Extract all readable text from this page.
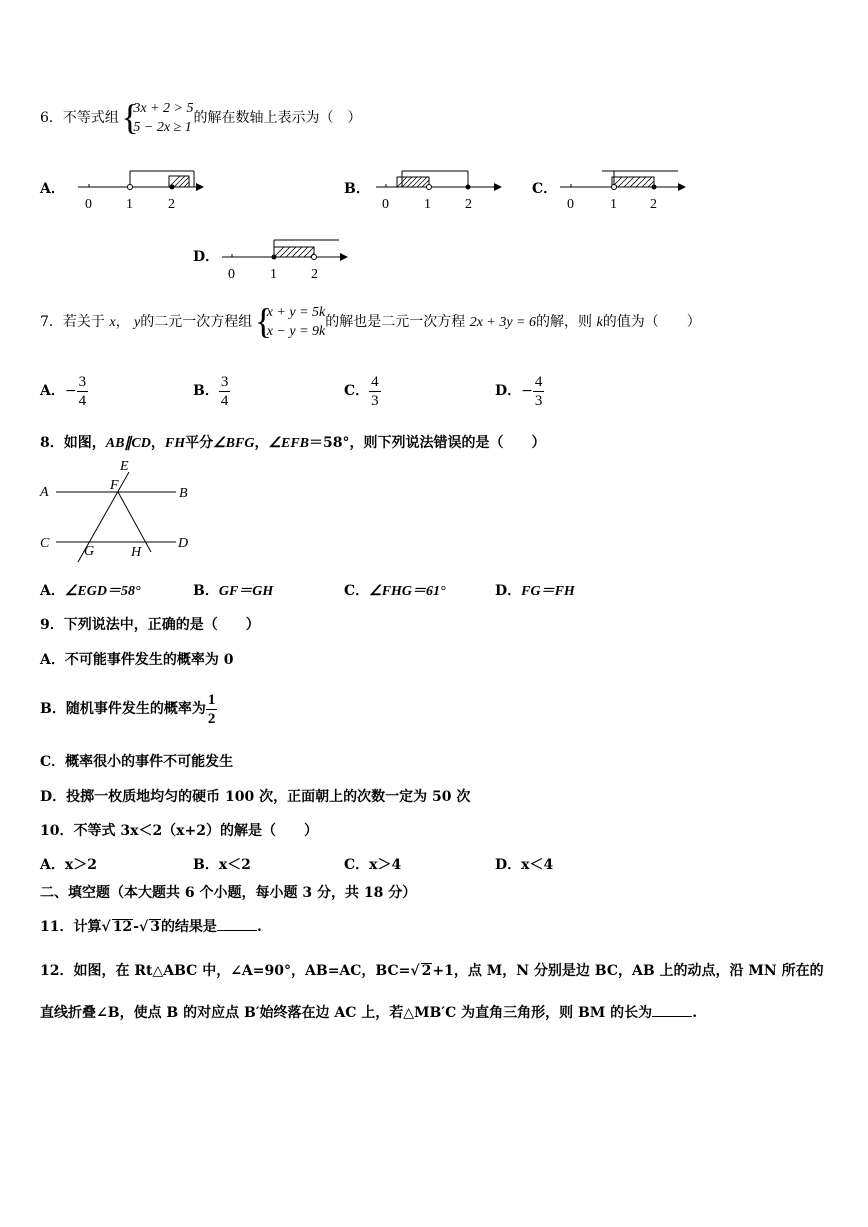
6．不等式组 {
3x + 2 > 5
5 − 2x ≥ 1
的解在数轴上表示为（　）
A．
0 1	2
B．
0	1 2
C．
0	1 2
D．
0	1 2
7．若关于 x， y的二元一次方程组 {
x + y = 5k
x − y = 9k
的解也是二元一次方程 2x + 3y = 6的解，则 k的值为（　　）
A．− $\frac{3}{4}$	B． $\frac{3}{4}$	C． $\frac{4}{3}$	D．− $\frac{4}{3}$
8．如图，AB∥CD，FH平分∠BFG，∠EFB＝58°，则下列说法错误的是（　　）
A	B
C	D
E
F
G	H
A．∠EGD＝58°	B．GF＝GH	C．∠FHG＝61°	D．FG＝FH
9．下列说法中，正确的是（　　）
A．不可能事件发生的概率为 0
B．随机事件发生的概率为 $\frac{1}{2}$
C．概率很小的事件不可能发生
D．投掷一枚质地均匀的硬币 100 次，正面朝上的次数一定为 50 次
10．不等式 3x＜2（x+2）的解是（　　）
A．x＞2	B．x＜2	C．x＞4	D．x＜4
二、填空题（本大题共 6 个小题，每小题 3 分，共 18 分）
11．计算√ 12-√ 3的结果是	.
12．如图，在 Rt△ABC 中，∠A=90°，AB=AC，BC=√ 2+1，点 M，N 分别是边 BC，AB 上的动点，沿 MN 所在的
直线折叠∠B，使点 B 的对应点 B′始终落在边 AC 上，若△MB′C 为直角三角形，则 BM 的长为	.
